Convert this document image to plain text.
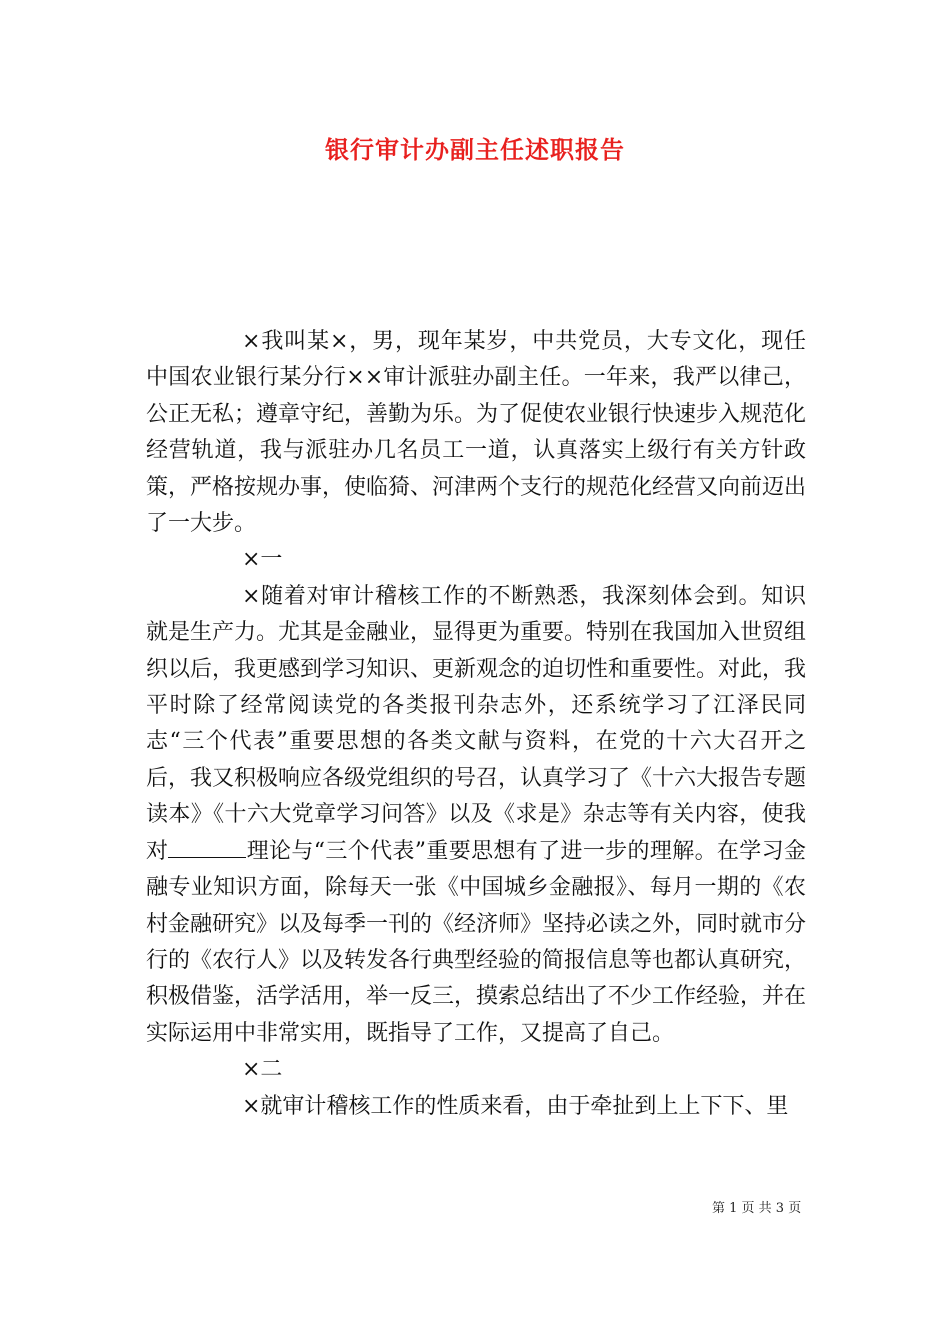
银行审计办副主任述职报告

×我叫某×，男，现年某岁，中共党员，大专文化，现任中国农业银行某分行××审计派驻办副主任。一年来，我严以律己，公正无私；遵章守纪，善勤为乐。为了促使农业银行快速步入规范化经营轨道，我与派驻办几名员工一道，认真落实上级行有关方针政策，严格按规办事，使临猗、河津两个支行的规范化经营又向前迈出了一大步。

×一

×随着对审计稽核工作的不断熟悉，我深刻体会到。知识就是生产力。尤其是金融业，显得更为重要。特别在我国加入世贸组织以后，我更感到学习知识、更新观念的迫切性和重要性。对此，我平时除了经常阅读党的各类报刊杂志外，还系统学习了江泽民同志“三个代表”重要思想的各类文献与资料，在党的十六大召开之后，我又积极响应各级党组织的号召，认真学习了《十六大报告专题读本》《十六大党章学习问答》以及《求是》杂志等有关内容，使我对	理论与“三个代表”重要思想有了进一步的理解。在学习金融专业知识方面，除每天一张《中国城乡金融报》、每月一期的《农村金融研究》以及每季一刊的《经济师》坚持必读之外，同时就市分行的《农行人》以及转发各行典型经验的简报信息等也都认真研究，积极借鉴，活学活用，举一反三，摸索总结出了不少工作经验，并在实际运用中非常实用，既指导了工作，又提高了自己。

×二

×就审计稽核工作的性质来看，由于牵扯到上上下下、里

第 1 页 共 3 页
